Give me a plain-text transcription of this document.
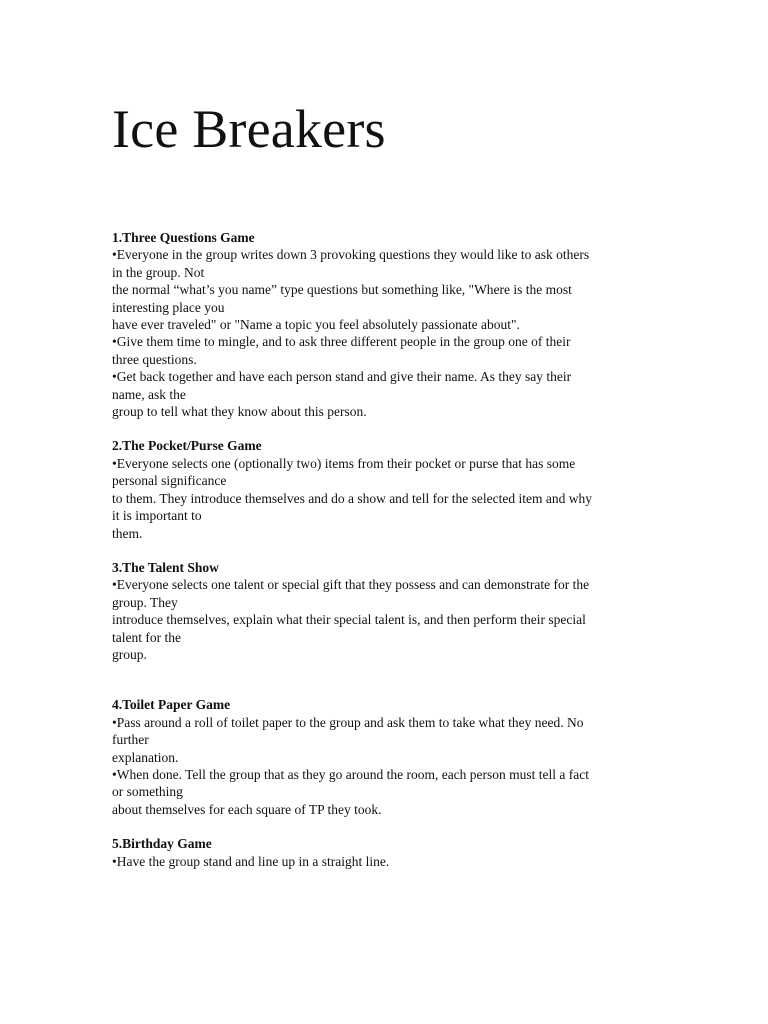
Ice Breakers
1.Three Questions Game
•Everyone in the group writes down 3 provoking questions they would like to ask others
in the group. Not
the normal “what’s you name” type questions but something like, "Where is the most
interesting place you
have ever traveled" or "Name a topic you feel absolutely passionate about".
•Give them time to mingle, and to ask three different people in the group one of their
three questions.
•Get back together and have each person stand and give their name. As they say their
name, ask the
group to tell what they know about this person.
2.The Pocket/Purse Game
•Everyone selects one (optionally two) items from their pocket or purse that has some
personal significance
to them. They introduce themselves and do a show and tell for the selected item and why
it is important to
them.
3.The Talent Show
•Everyone selects one talent or special gift that they possess and can demonstrate for the
group. They
introduce themselves, explain what their special talent is, and then perform their special
talent for the
group.
4.Toilet Paper Game
•Pass around a roll of toilet paper to the group and ask them to take what they need. No
further
explanation.
•When done. Tell the group that as they go around the room, each person must tell a fact
or something
about themselves for each square of TP they took.
5.Birthday Game
•Have the group stand and line up in a straight line.
